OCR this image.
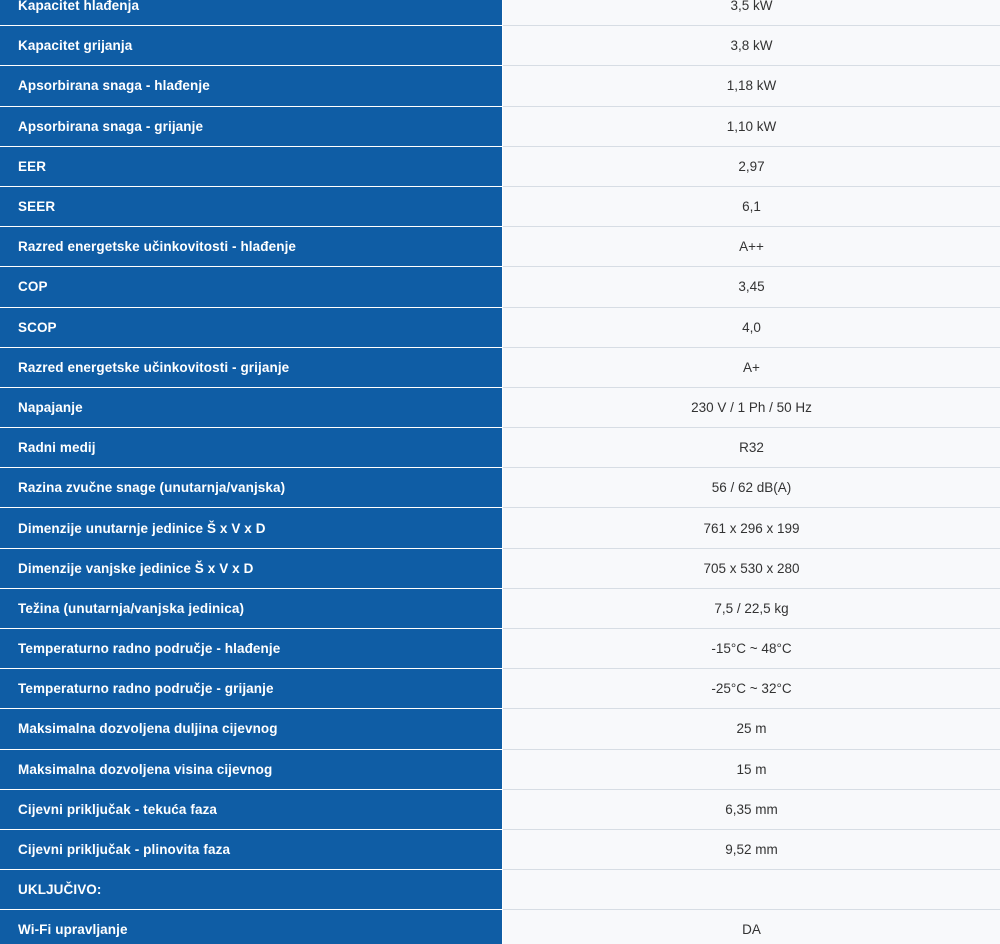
Kapacitet hlađenja	3,5 kW
Kapacitet grijanja	3,8 kW
Apsorbirana snaga - hlađenje	1,18 kW
Apsorbirana snaga - grijanje	1,10 kW
EER	2,97
SEER	6,1
Razred energetske učinkovitosti - hlađenje	A++
COP	3,45
SCOP	4,0
Razred energetske učinkovitosti - grijanje	A+
Napajanje	230 V / 1 Ph / 50 Hz
Radni medij	R32
Razina zvučne snage (unutarnja/vanjska)	56 / 62 dB(A)
Dimenzije unutarnje jedinice Š x V x D	761 x 296 x 199
Dimenzije vanjske jedinice Š x V x D	705 x 530 x 280
Težina (unutarnja/vanjska jedinica)	7,5 / 22,5 kg
Temperaturno radno područje - hlađenje	-15°C ~ 48°C
Temperaturno radno područje - grijanje	-25°C ~ 32°C
Maksimalna dozvoljena duljina cijevnog	25 m
Maksimalna dozvoljena visina cijevnog	15 m
Cijevni priključak - tekuća faza	6,35 mm
Cijevni priključak - plinovita faza	9,52 mm
UKLJUČIVO:
Wi-Fi upravljanje	DA
